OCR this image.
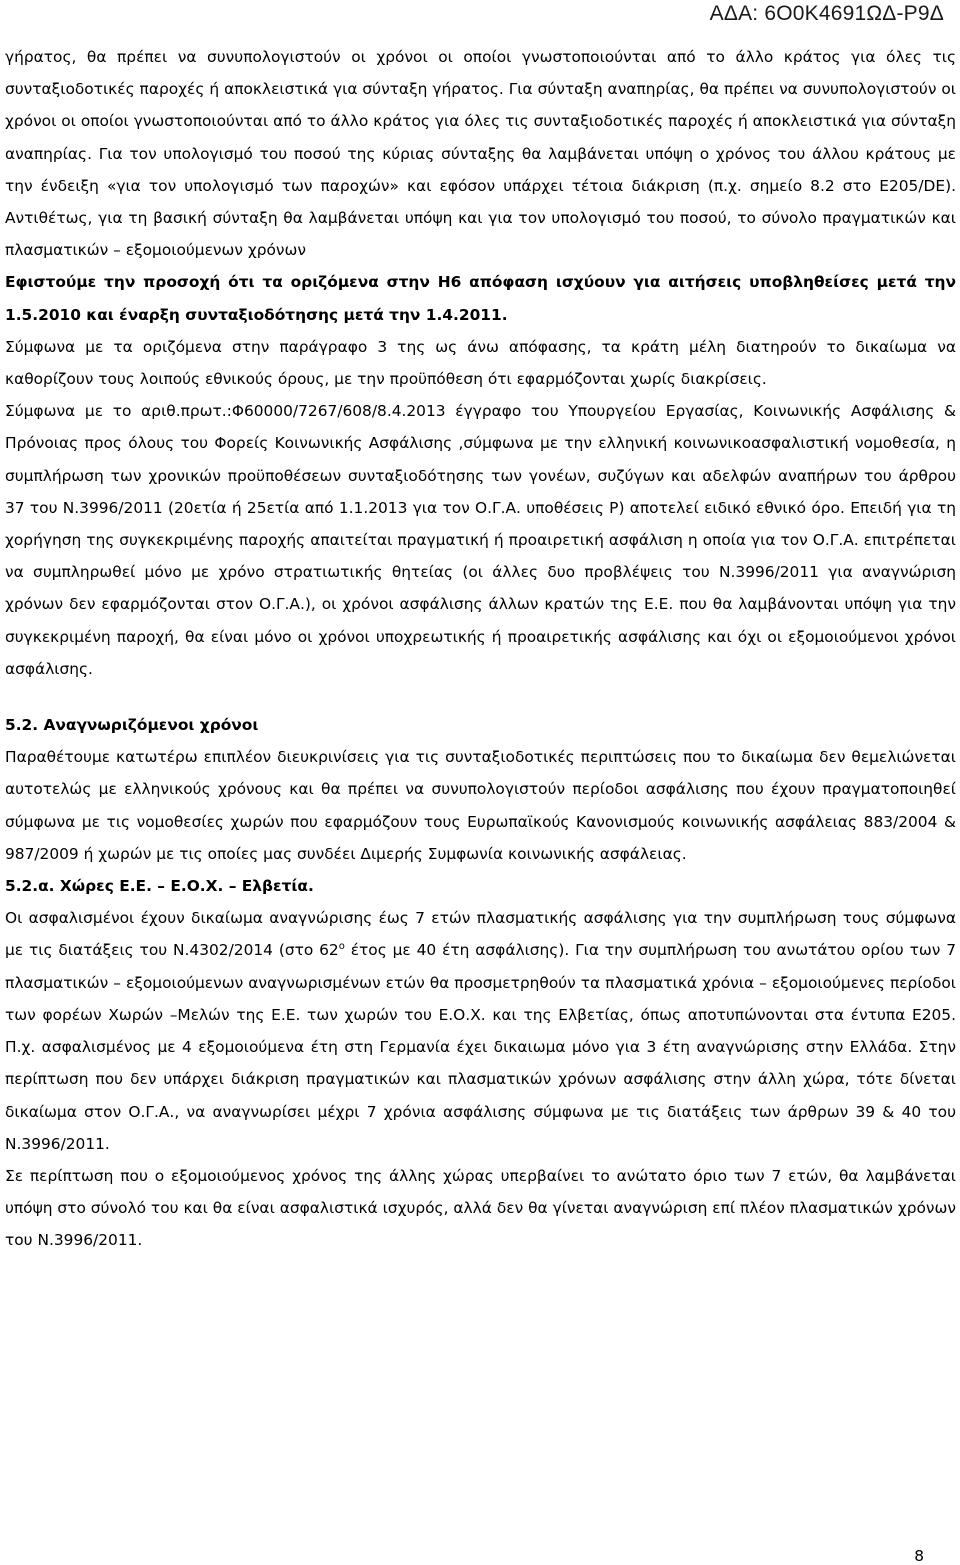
ΑΔΑ: 6Ο0Κ4691ΩΔ-Ρ9Δ

γήρατος, θα πρέπει να συνυπολογιστούν οι χρόνοι οι οποίοι γνωστοποιούνται από το άλλο κράτος για όλες τις συνταξιοδοτικές παροχές ή αποκλειστικά για σύνταξη γήρατος. Για σύνταξη αναπηρίας, θα πρέπει να συνυπολογιστούν οι χρόνοι οι οποίοι γνωστοποιούνται από το άλλο κράτος για όλες τις συνταξιοδοτικές παροχές ή αποκλειστικά για σύνταξη αναπηρίας. Για τον υπολογισμό του ποσού της κύριας σύνταξης θα λαμβάνεται υπόψη ο χρόνος του άλλου κράτους με την ένδειξη «για τον υπολογισμό των παροχών» και εφόσον υπάρχει τέτοια διάκριση (π.χ. σημείο 8.2 στο Ε205/DE). Αντιθέτως, για τη βασική σύνταξη θα λαμβάνεται υπόψη και για τον υπολογισμό του ποσού, το σύνολο πραγματικών και πλασματικών – εξομοιούμενων χρόνων

Εφιστούμε την προσοχή ότι τα οριζόμενα στην Η6 απόφαση ισχύουν για αιτήσεις υποβληθείσες μετά την 1.5.2010 και έναρξη συνταξιοδότησης μετά την 1.4.2011.

Σύμφωνα με τα οριζόμενα στην παράγραφο 3 της ως άνω απόφασης, τα κράτη μέλη διατηρούν το δικαίωμα να καθορίζουν τους λοιπούς εθνικούς όρους, με την προϋπόθεση ότι εφαρμόζονται χωρίς διακρίσεις.

Σύμφωνα με το αριθ.πρωτ.:Φ60000/7267/608/8.4.2013 έγγραφο του Υπουργείου Εργασίας, Κοινωνικής Ασφάλισης & Πρόνοιας προς όλους του Φορείς Κοινωνικής Ασφάλισης ,σύμφωνα με την ελληνική κοινωνικοασφαλιστική νομοθεσία, η συμπλήρωση των χρονικών προϋποθέσεων συνταξιοδότησης των γονέων, συζύγων και αδελφών αναπήρων του άρθρου 37 του Ν.3996/2011 (20ετία ή 25ετία από 1.1.2013 για τον Ο.Γ.Α. υποθέσεις Ρ) αποτελεί ειδικό εθνικό όρο. Επειδή για τη χορήγηση της συγκεκριμένης παροχής απαιτείται πραγματική ή προαιρετική ασφάλιση η οποία για τον Ο.Γ.Α. επιτρέπεται να συμπληρωθεί μόνο με χρόνο στρατιωτικής θητείας (οι άλλες δυο προβλέψεις του Ν.3996/2011 για αναγνώριση χρόνων δεν εφαρμόζονται στον Ο.Γ.Α.), οι χρόνοι ασφάλισης άλλων κρατών της Ε.Ε. που θα λαμβάνονται υπόψη για την συγκεκριμένη παροχή, θα είναι μόνο οι χρόνοι υποχρεωτικής ή προαιρετικής ασφάλισης και όχι οι εξομοιούμενοι χρόνοι ασφάλισης.

5.2. Αναγνωριζόμενοι χρόνοι

Παραθέτουμε κατωτέρω επιπλέον διευκρινίσεις για τις συνταξιοδοτικές περιπτώσεις που το δικαίωμα δεν θεμελιώνεται αυτοτελώς με ελληνικούς χρόνους και θα πρέπει να συνυπολογιστούν περίοδοι ασφάλισης που έχουν πραγματοποιηθεί σύμφωνα με τις νομοθεσίες χωρών που εφαρμόζουν τους Ευρωπαϊκούς Κανονισμούς κοινωνικής ασφάλειας 883/2004 & 987/2009 ή χωρών με τις οποίες μας συνδέει Διμερής Συμφωνία κοινωνικής ασφάλειας.

5.2.α. Χώρες Ε.Ε. – Ε.Ο.Χ. – Ελβετία.

Οι ασφαλισμένοι έχουν δικαίωμα αναγνώρισης έως 7 ετών πλασματικής ασφάλισης για την συμπλήρωση τους σύμφωνα με τις διατάξεις του Ν.4302/2014 (στο $62^o$ έτος με 40 έτη ασφάλισης). Για την συμπλήρωση του ανωτάτου ορίου των 7 πλασματικών – εξομοιούμενων αναγνωρισμένων ετών θα προσμετρηθούν τα πλασματικά χρόνια – εξομοιούμενες περίοδοι των φορέων Χωρών –Μελών της Ε.Ε. των χωρών του Ε.Ο.Χ. και της Ελβετίας, όπως αποτυπώνονται στα έντυπα Ε205. Π.χ. ασφαλισμένος με 4 εξομοιούμενα έτη στη Γερμανία έχει δικαιωμα μόνο για 3 έτη αναγνώρισης στην Ελλάδα. Στην περίπτωση που δεν υπάρχει διάκριση πραγματικών και πλασματικών χρόνων ασφάλισης στην άλλη χώρα, τότε δίνεται δικαίωμα στον Ο.Γ.Α., να αναγνωρίσει μέχρι 7 χρόνια ασφάλισης σύμφωνα με τις διατάξεις των άρθρων 39 & 40 του Ν.3996/2011.

Σε περίπτωση που ο εξομοιούμενος χρόνος της άλλης χώρας υπερβαίνει το ανώτατο όριο των 7 ετών, θα λαμβάνεται υπόψη στο σύνολό του και θα είναι ασφαλιστικά ισχυρός, αλλά δεν θα γίνεται αναγνώριση επί πλέον πλασματικών χρόνων του Ν.3996/2011.

8
